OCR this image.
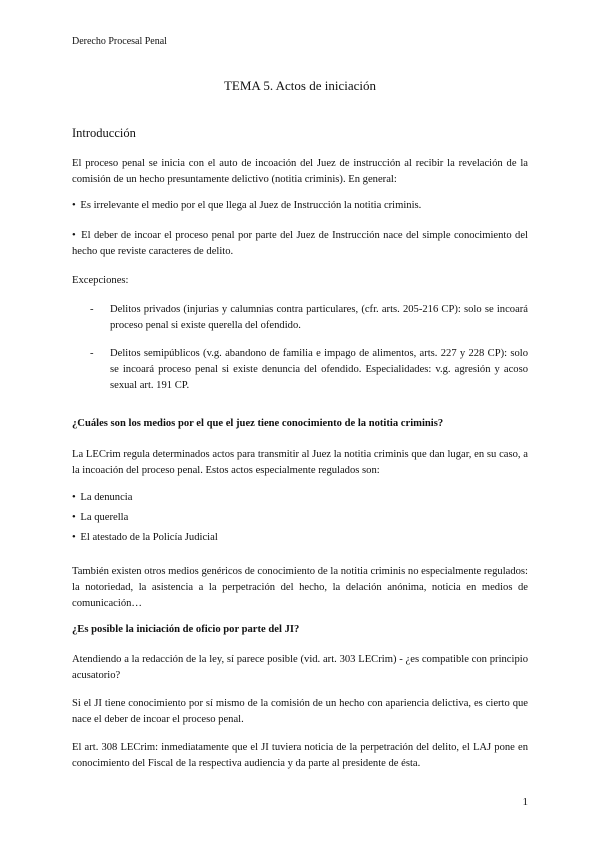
Derecho Procesal Penal
TEMA 5. Actos de iniciación
Introducción

El proceso penal se inicia con el auto de incoación del Juez de instrucción al recibir la revelación de la comisión de un hecho presuntamente delictivo (notitia criminis). En general:

• Es irrelevante el medio por el que llega al Juez de Instrucción la notitia criminis.

• El deber de incoar el proceso penal por parte del Juez de Instrucción nace del simple conocimiento del hecho que reviste caracteres de delito.

Excepciones:
- Delitos privados (injurias y calumnias contra particulares, (cfr. arts. 205-216 CP): solo se incoará proceso penal si existe querella del ofendido.
- Delitos semipúblicos (v.g. abandono de familia e impago de alimentos, arts. 227 y 228 CP): solo se incoará proceso penal si existe denuncia del ofendido. Especialidades: v.g. agresión y acoso sexual art. 191 CP.
¿Cuáles son los medios por el que el juez tiene conocimiento de la notitia criminis?

La LECrim regula determinados actos para transmitir al Juez la notitia criminis que dan lugar, en su caso, a la incoación del proceso penal. Estos actos especialmente regulados son:

• La denuncia

• La querella

• El atestado de la Policía Judicial

También existen otros medios genéricos de conocimiento de la notitia criminis no especialmente regulados: la notoriedad, la asistencia a la perpetración del hecho, la delación anónima, noticia en medios de comunicación…

¿Es posible la iniciación de oficio por parte del JI?

Atendiendo a la redacción de la ley, sí parece posible (vid. art. 303 LECrim) - ¿es compatible con principio acusatorio?

Si el JI tiene conocimiento por sí mismo de la comisión de un hecho con apariencia delictiva, es cierto que nace el deber de incoar el proceso penal.

El art. 308 LECrim: inmediatamente que el JI tuviera noticia de la perpetración del delito, el LAJ pone en conocimiento del Fiscal de la respectiva audiencia y da parte al presidente de ésta.

1
